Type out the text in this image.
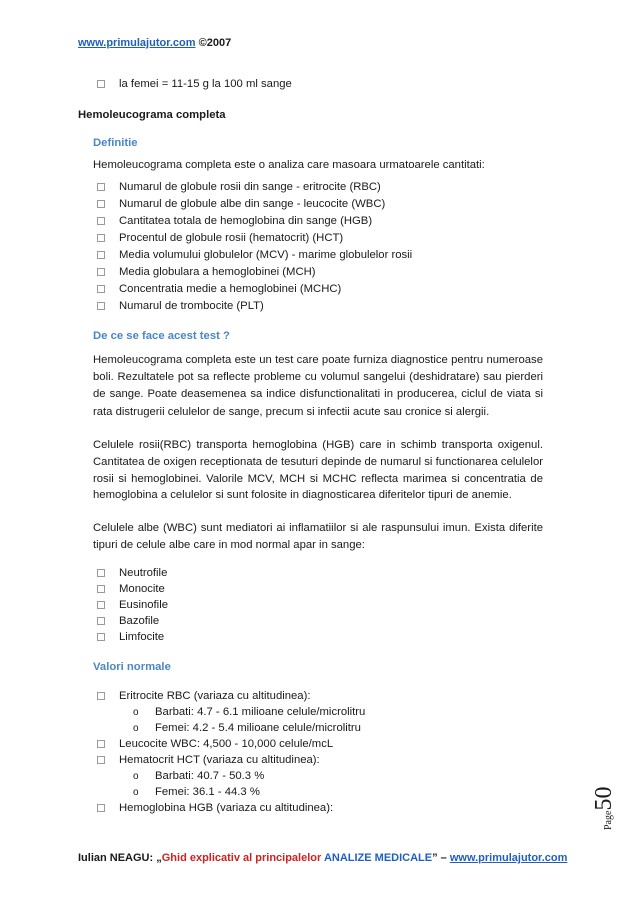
www.primulajutor.com ©2007
la femei = 11-15 g la 100 ml sange
Hemoleucograma completa
Definitie
Hemoleucograma completa este o analiza care masoara urmatoarele cantitati:
Numarul de globule rosii din sange - eritrocite (RBC)
Numarul de globule albe din sange - leucocite (WBC)
Cantitatea totala de hemoglobina din sange (HGB)
Procentul de globule rosii (hematocrit) (HCT)
Media volumului globulelor (MCV) - marime globulelor rosii
Media globulara a hemoglobinei (MCH)
Concentratia medie a hemoglobinei (MCHC)
Numarul de trombocite (PLT)
De ce se face acest test ?
Hemoleucograma completa este un test care poate furniza diagnostice pentru numeroase boli. Rezultatele pot sa reflecte probleme cu volumul sangelui (deshidratare) sau pierderi de sange. Poate deasemenea sa indice disfunctionalitati in producerea, ciclul de viata si rata distrugerii celulelor de sange, precum si infectii acute sau cronice si alergii.
Celulele rosii(RBC) transporta hemoglobina (HGB) care in schimb transporta oxigenul. Cantitatea de oxigen receptionata de tesuturi depinde de numarul si functionarea celulelor rosii si hemoglobinei. Valorile MCV, MCH si MCHC reflecta marimea si concentratia de hemoglobina a celulelor si sunt folosite in diagnosticarea diferitelor tipuri de anemie.
Celulele albe (WBC) sunt mediatori ai inflamatiilor si ale raspunsului imun. Exista diferite tipuri de celule albe care in mod normal apar in sange:
Neutrofile
Monocite
Eusinofile
Bazofile
Limfocite
Valori normale
Eritrocite RBC (variaza cu altitudinea):
o Barbati: 4.7 - 6.1 milioane celule/microlitru
o Femei: 4.2 - 5.4 milioane celule/microlitru
Leucocite WBC: 4,500 - 10,000 celule/mcL
Hematocrit HCT (variaza cu altitudinea):
o Barbati: 40.7 - 50.3 %
o Femei: 36.1 - 44.3 %
Hemoglobina HGB (variaza cu altitudinea):
Page50
Iulian NEAGU: „Ghid explicativ al principalelor ANALIZE MEDICALE” – www.primulajutor.com
